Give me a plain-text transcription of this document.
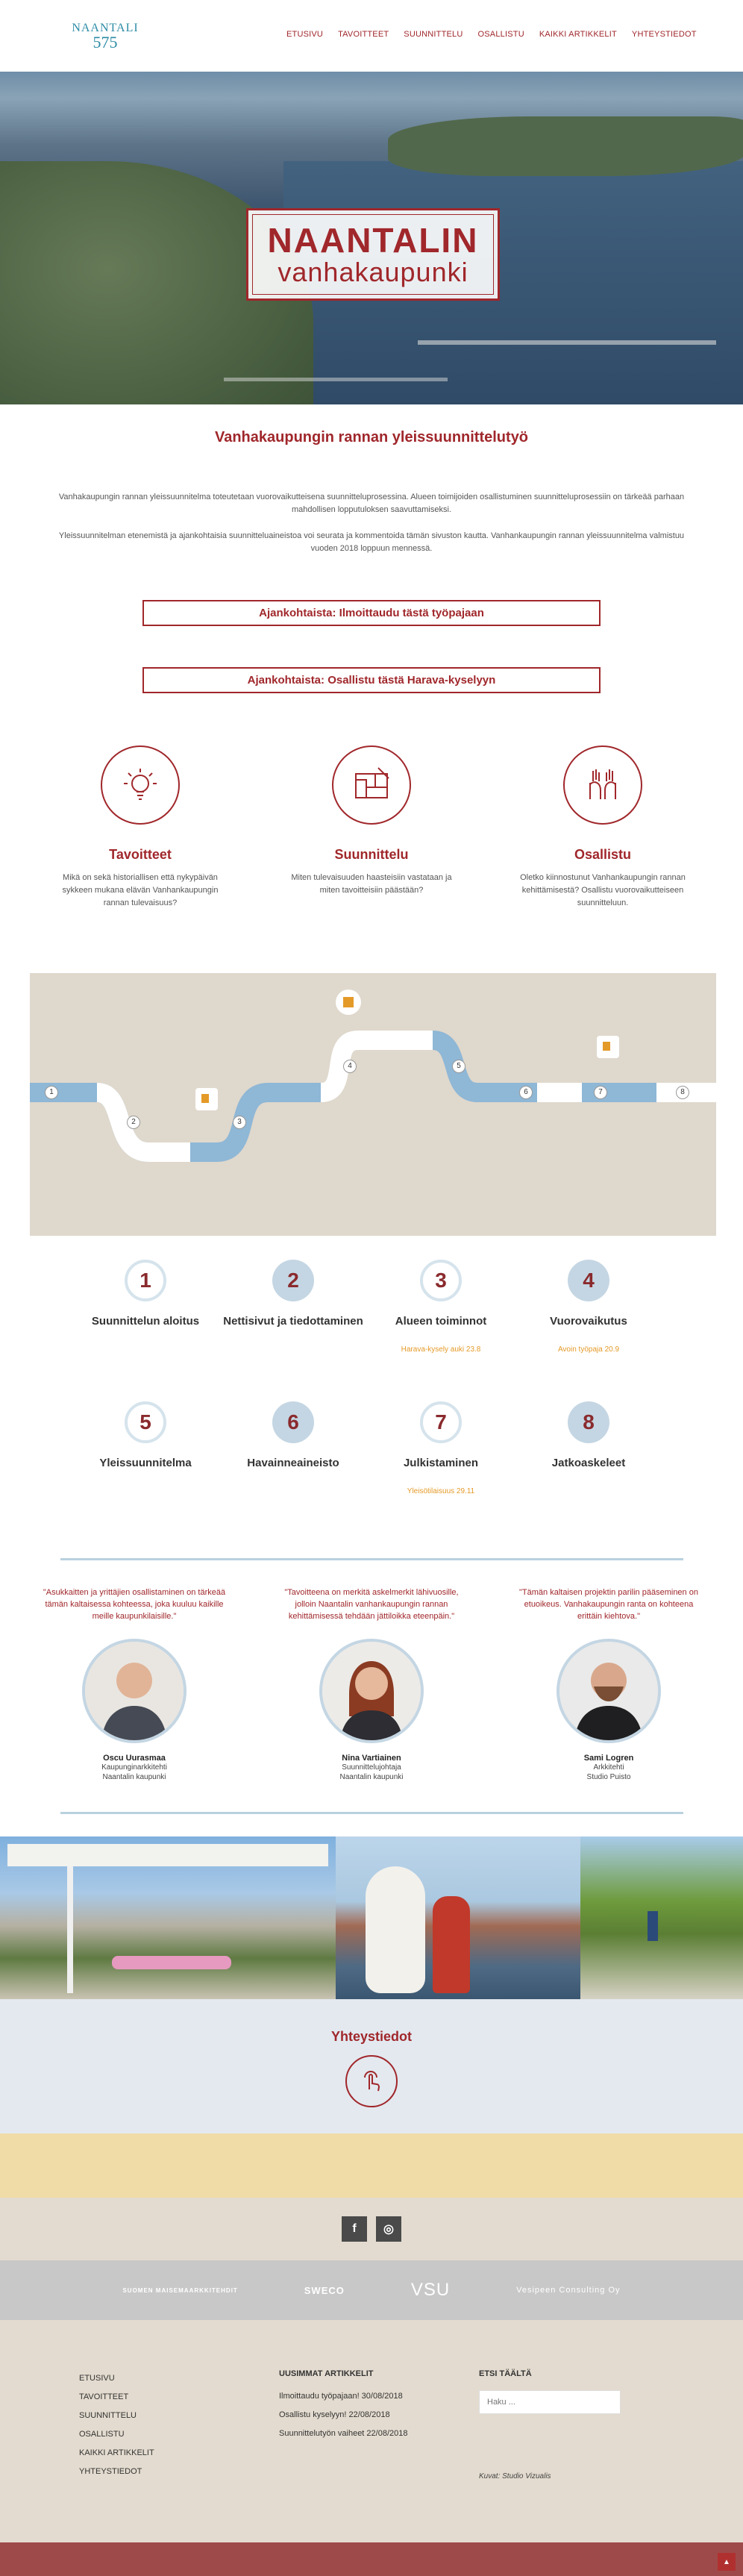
NAANTALI
575	ETUSIVU TAVOITTEET SUUNNITTELU OSALLISTU KAIKKI ARTIKKELIT YHTEYSTIEDOT
NAANTALIN
vanhakaupunki
Vanhakaupungin rannan yleissuunnittelutyö

Vanhakaupungin rannan yleissuunnitelma toteutetaan vuorovaikutteisena suunnitteluprosessina. Alueen toimijoiden osallistuminen suunnitteluprosessiin on tärkeää parhaan mahdollisen lopputuloksen saavuttamiseksi.

Yleissuunnitelman etenemistä ja ajankohtaisia suunnitteluaineistoa voi seurata ja kommentoida tämän sivuston kautta. Vanhankaupungin rannan yleissuunnitelma valmistuu vuoden 2018 loppuun mennessä.

Ajankohtaista: Ilmoittaudu tästä työpajaan
Ajankohtaista: Osallistu tästä Harava-kyselyyn
Tavoitteet

Mikä on sekä historiallisen että nykypäivän sykkeen mukana elävän Vanhankaupungin rannan tulevaisuus?

Suunnittelu

Miten tulevaisuuden haasteisiin vastataan ja miten tavoitteisiin päästään?

Osallistu

Oletko kiinnostunut Vanhankaupungin rannan kehittämisestä? Osallistu vuorovaikutteiseen suunnitteluun.

1
2	3
4	5
6	7	8
1
Suunnittelun aloitus
2
Nettisivut ja tiedottaminen
3
Alueen toiminnot
Harava-kysely auki 23.8
4
Vuorovaikutus
Avoin työpaja 20.9
5
Yleissuunnitelma
6
Havainneaineisto
7
Julkistaminen
Yleisötilaisuus 29.11
8
Jatkoaskeleet

"Asukkaitten ja yrittäjien osallistaminen on tärkeää tämän kaltaisessa kohteessa, joka kuuluu kaikille meille kaupunkilaisille."

Oscu Uurasmaa
Kaupunginarkkitehti
Naantalin kaupunki

"Tavoitteena on merkitä askelmerkit lähivuosille, jolloin Naantalin vanhankaupungin rannan kehittämisessä tehdään jättiloikka eteenpäin."

Nina Vartiainen
Suunnittelujohtaja
Naantalin kaupunki

"Tämän kaltaisen projektin parilin pääseminen on etuoikeus. Vanhakaupungin ranta on kohteena erittäin kiehtova."

Sami Logren
Arkkitehti
Studio Puisto
Yhteystiedot
f	◎
SUOMEN MAISEMAARKKITEHDIT	SWECO	VSU	Vesipeen Consulting Oy
ETUSIVU
TAVOITTEET
SUUNNITTELU
OSALLISTU
KAIKKI ARTIKKELIT
YHTEYSTIEDOT
UUSIMMAT ARTIKKELIT
Ilmoittaudu työpajaan! 30/08/2018
Osallistu kyselyyn! 22/08/2018
Suunnittelutyön vaiheet 22/08/2018
ETSI TÄÄLTÄ
Haku ...
Kuvat: Studio Vizualis
▲
